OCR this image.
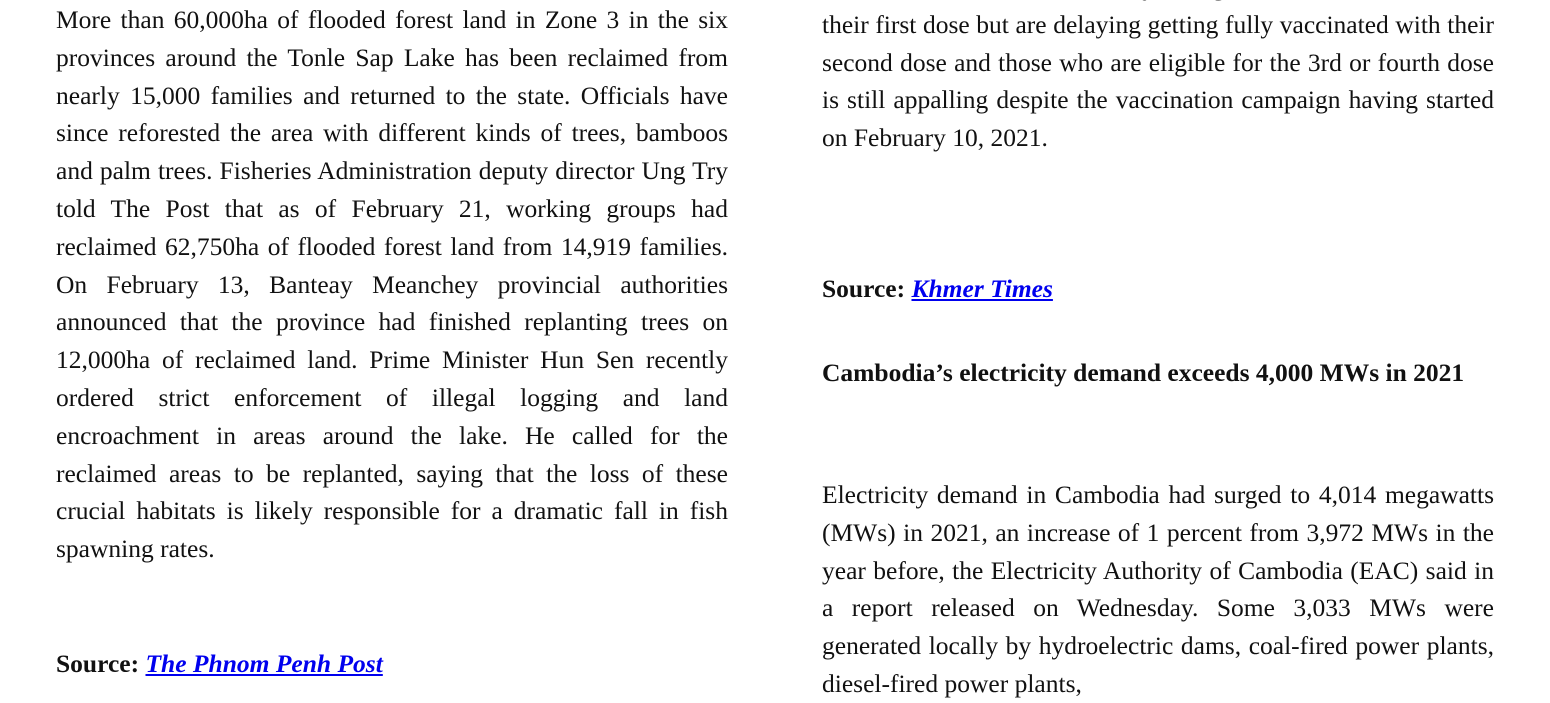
More than 60,000ha of flooded forest land in Zone 3 in the six provinces around the Tonle Sap Lake has been reclaimed from nearly 15,000 families and returned to the state. Officials have since reforested the area with different kinds of trees, bamboos and palm trees. Fisheries Administration deputy director Ung Try told The Post that as of February 21, working groups had reclaimed 62,750ha of flooded forest land from 14,919 families. On February 13, Banteay Meanchey provincial authorities announced that the province had finished replanting trees on 12,000ha of reclaimed land. Prime Minister Hun Sen recently ordered strict enforcement of illegal logging and land encroachment in areas around the lake. He called for the reclaimed areas to be replanted, saying that the loss of these crucial habitats is likely responsible for a dramatic fall in fish spawning rates.

Source: The Phnom Penh Post

their first dose but are delaying getting fully vaccinated with their second dose and those who are eligible for the 3rd or fourth dose is still appalling despite the vaccination campaign having started on February 10, 2021.

Source: Khmer Times

Cambodia’s electricity demand exceeds 4,000 MWs in 2021

Electricity demand in Cambodia had surged to 4,014 megawatts (MWs) in 2021, an increase of 1 percent from 3,972 MWs in the year before, the Electricity Authority of Cambodia (EAC) said in a report released on Wednesday. Some 3,033 MWs were generated locally by hydroelectric dams, coal-fired power plants, diesel-fired power plants,
